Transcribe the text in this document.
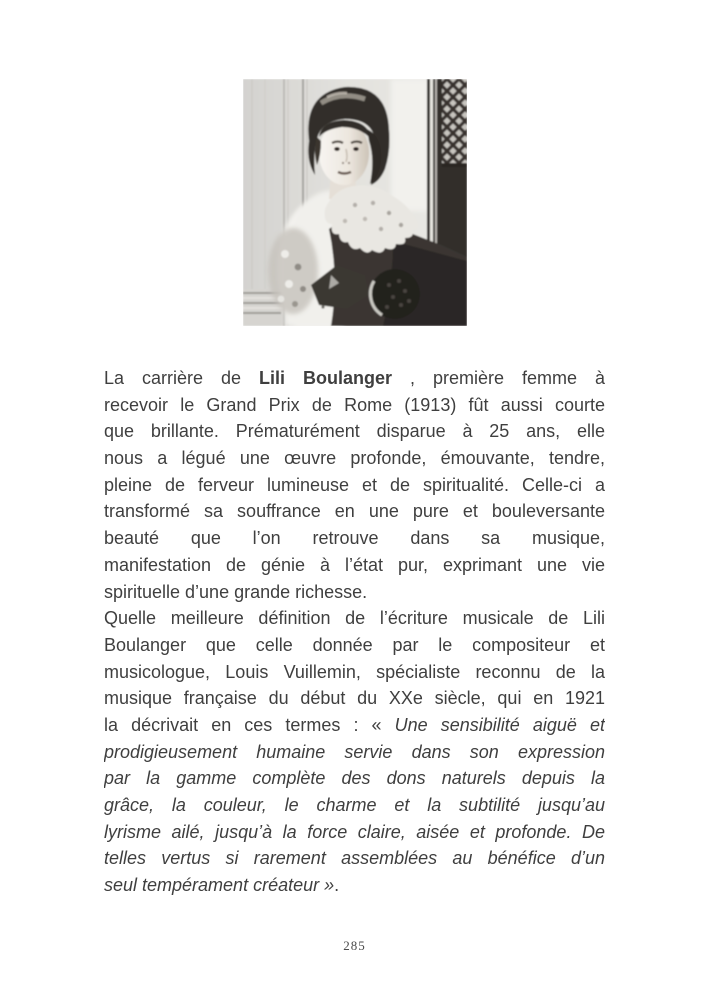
La carrière de Lili Boulanger , première femme à
recevoir le Grand Prix de Rome (1913) fût aussi courte
que brillante. Prématurément disparue à 25 ans, elle
nous a légué une œuvre profonde, émouvante, tendre,
pleine de ferveur lumineuse et de spiritualité. Celle-ci a
transformé sa souffrance en une pure et bouleversante
beauté que l’on retrouve dans sa musique,
manifestation de génie à l’état pur, exprimant une vie
spirituelle d’une grande richesse.
Quelle meilleure définition de l’écriture musicale de Lili
Boulanger que celle donnée par le compositeur et
musicologue, Louis Vuillemin, spécialiste reconnu de la
musique française du début du XXe siècle, qui en 1921
la décrivait en ces termes : « Une sensibilité aiguë et
prodigieusement humaine servie dans son expression
par la gamme complète des dons naturels depuis la
grâce, la couleur, le charme et la subtilité jusqu’au
lyrisme ailé, jusqu’à la force claire, aisée et profonde. De
telles vertus si rarement assemblées au bénéfice d’un
seul tempérament créateur ».
285
